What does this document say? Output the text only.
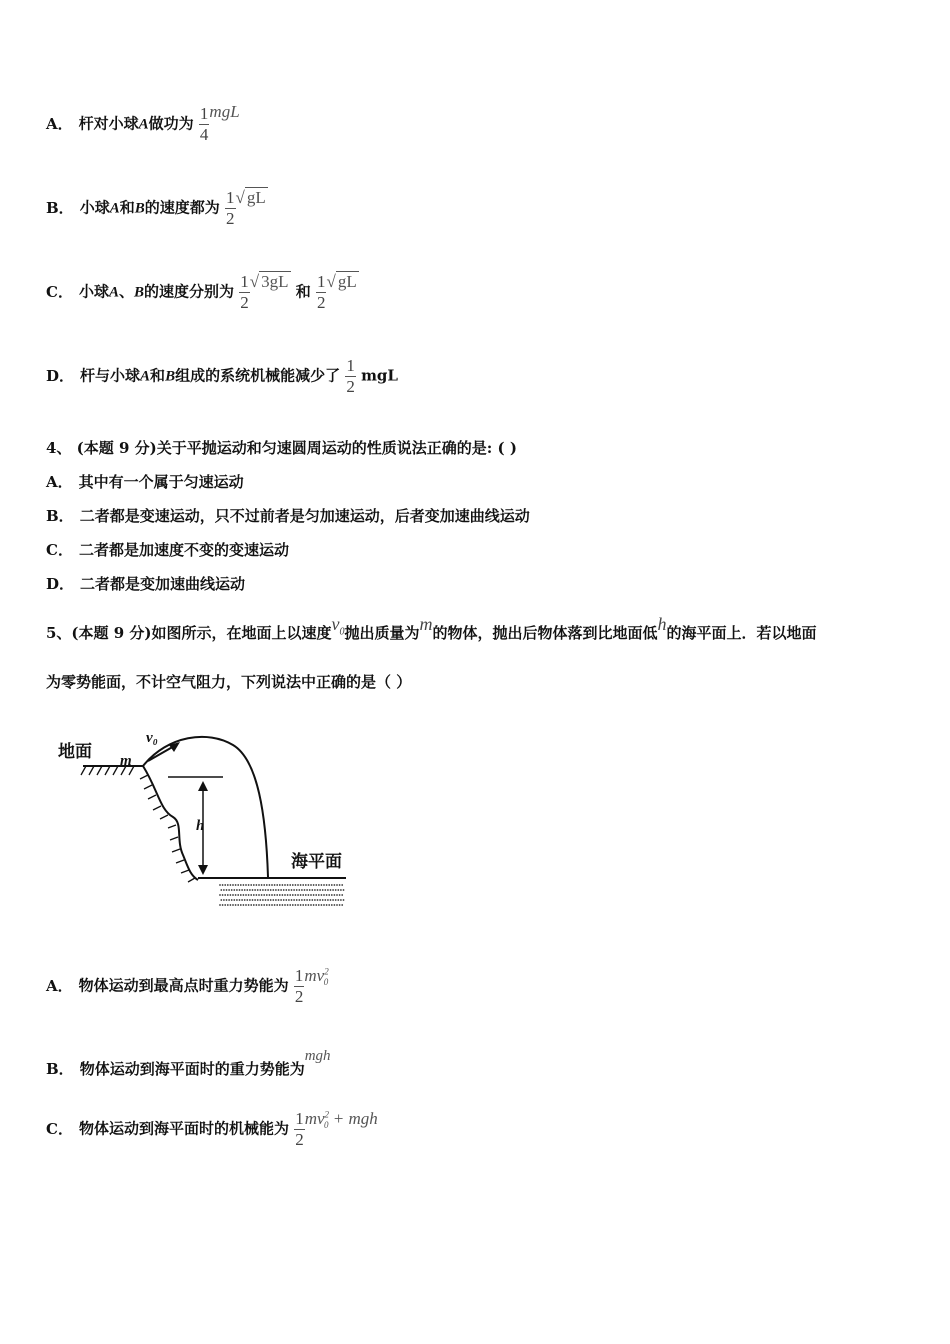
A． 杆对小球A做功为 $\frac{1}{4}$ mgL
B． 小球A和B的速度都为 $\frac{1}{2}$ √ gL
C． 小球A、B的速度分别为 $\frac{1}{2}$ √ 3gL 和 $\frac{1}{2}$ √ gL
D． 杆与小球A和B组成的系统机械能减少了 $\frac{1}{2}$ mgL
4、 (本题 9 分)关于平抛运动和匀速圆周运动的性质说法正确的是: ( )
A． 其中有一个属于匀速运动
B． 二者都是变速运动，只不过前者是匀加速运动，后者变加速曲线运动
C． 二者都是加速度不变的变速运动
D． 二者都是变加速曲线运动
5、(本题 9 分)如图所示，在地面上以速度$v_0$抛出质量为m的物体，抛出后物体落到比地面低h的海平面上．若以地面
为零势能面，不计空气阻力，下列说法中正确的是（ ）
地面 m
v₀
h
海平面
A． 物体运动到最高点时重力势能为 $\frac{1}{2} mv^2_0$
B． 物体运动到海平面时的重力势能为mgh
C． 物体运动到海平面时的机械能为 $\frac{1}{2} mv^2_0$ + mgh
